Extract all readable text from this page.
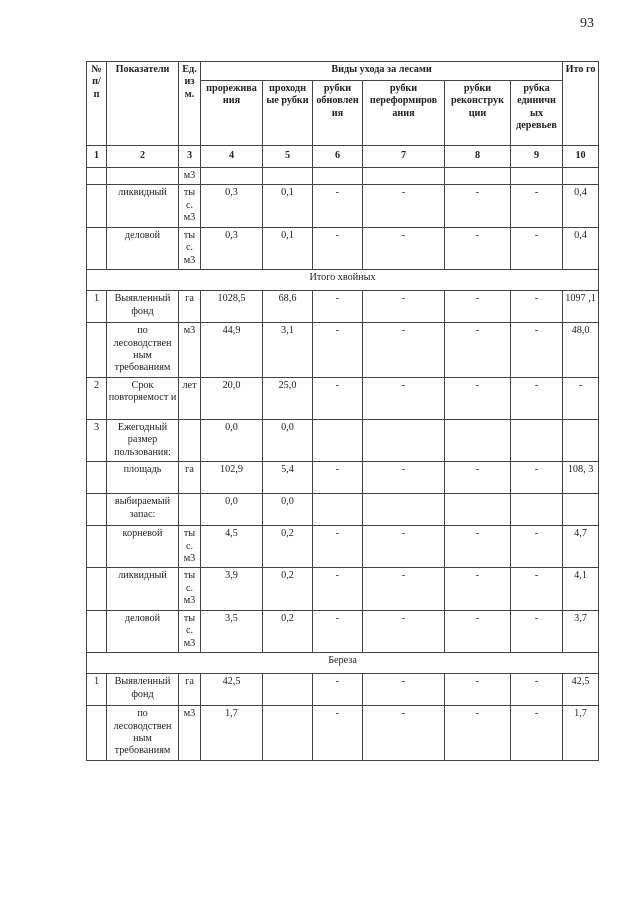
93
№ п/ п	Показатели	Ед. из м.	Виды ухода за лесами						Ито го
			прорежива ния	проходн ые рубки	рубки обновлен ия	рубки переформиров ания	рубки реконструк ции	рубка единичн ых деревьев	
1	2	3	4	5	6	7	8	9	10
		м3							
	ликвидный	ты с. м3	0,3	0,1	-	-	-	-	0,4
	деловой	ты с. м3	0,3	0,1	-	-	-	-	0,4
Итого хвойных									
1	Выявленный фонд	га	1028,5	68,6	-	-	-	-	1097 ,1
	по лесоводствен ным требованиям	м3	44,9	3,1	-	-	-	-	48,0
2	Срок повторяемост и	лет	20,0	25,0	-	-	-	-	-
3	Ежегодный размер пользования:		0,0	0,0					
	площадь	га	102,9	5,4	-	-	-	-	108, 3
	выбираемый запас:		0,0	0,0					
	корневой	ты с. м3	4,5	0,2	-	-	-	-	4,7
	ликвидный	ты с. м3	3,9	0,2	-	-	-	-	4,1
	деловой	ты с. м3	3,5	0,2	-	-	-	-	3,7
Береза									
1	Выявленный фонд	га	42,5		-	-	-	-	42,5
	по лесоводствен ным требованиям	м3	1,7		-	-	-	-	1,7
